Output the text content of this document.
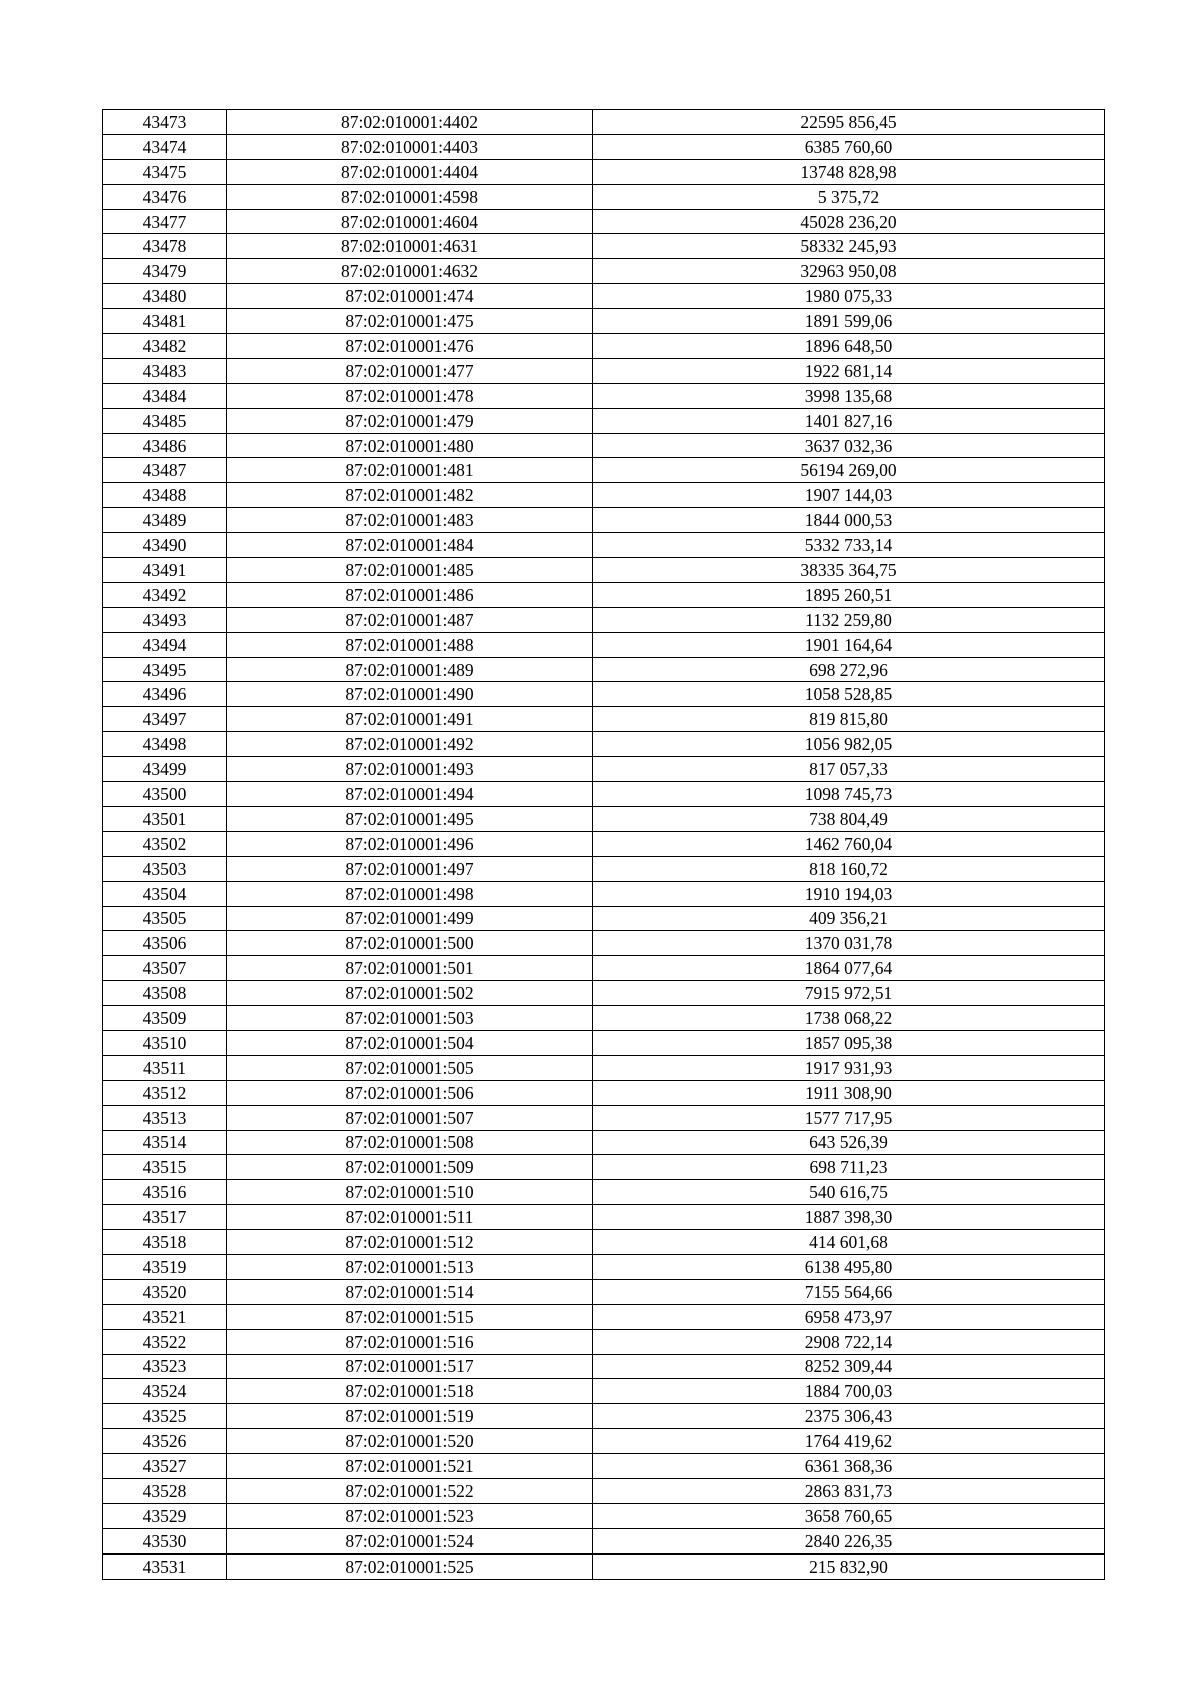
43473	87:02:010001:4402	22595 856,45
43474	87:02:010001:4403	6385 760,60
43475	87:02:010001:4404	13748 828,98
43476	87:02:010001:4598	5 375,72
43477	87:02:010001:4604	45028 236,20
43478	87:02:010001:4631	58332 245,93
43479	87:02:010001:4632	32963 950,08
43480	87:02:010001:474	1980 075,33
43481	87:02:010001:475	1891 599,06
43482	87:02:010001:476	1896 648,50
43483	87:02:010001:477	1922 681,14
43484	87:02:010001:478	3998 135,68
43485	87:02:010001:479	1401 827,16
43486	87:02:010001:480	3637 032,36
43487	87:02:010001:481	56194 269,00
43488	87:02:010001:482	1907 144,03
43489	87:02:010001:483	1844 000,53
43490	87:02:010001:484	5332 733,14
43491	87:02:010001:485	38335 364,75
43492	87:02:010001:486	1895 260,51
43493	87:02:010001:487	1132 259,80
43494	87:02:010001:488	1901 164,64
43495	87:02:010001:489	698 272,96
43496	87:02:010001:490	1058 528,85
43497	87:02:010001:491	819 815,80
43498	87:02:010001:492	1056 982,05
43499	87:02:010001:493	817 057,33
43500	87:02:010001:494	1098 745,73
43501	87:02:010001:495	738 804,49
43502	87:02:010001:496	1462 760,04
43503	87:02:010001:497	818 160,72
43504	87:02:010001:498	1910 194,03
43505	87:02:010001:499	409 356,21
43506	87:02:010001:500	1370 031,78
43507	87:02:010001:501	1864 077,64
43508	87:02:010001:502	7915 972,51
43509	87:02:010001:503	1738 068,22
43510	87:02:010001:504	1857 095,38
43511	87:02:010001:505	1917 931,93
43512	87:02:010001:506	1911 308,90
43513	87:02:010001:507	1577 717,95
43514	87:02:010001:508	643 526,39
43515	87:02:010001:509	698 711,23
43516	87:02:010001:510	540 616,75
43517	87:02:010001:511	1887 398,30
43518	87:02:010001:512	414 601,68
43519	87:02:010001:513	6138 495,80
43520	87:02:010001:514	7155 564,66
43521	87:02:010001:515	6958 473,97
43522	87:02:010001:516	2908 722,14
43523	87:02:010001:517	8252 309,44
43524	87:02:010001:518	1884 700,03
43525	87:02:010001:519	2375 306,43
43526	87:02:010001:520	1764 419,62
43527	87:02:010001:521	6361 368,36
43528	87:02:010001:522	2863 831,73
43529	87:02:010001:523	3658 760,65
43530	87:02:010001:524	2840 226,35
43531	87:02:010001:525	215 832,90
